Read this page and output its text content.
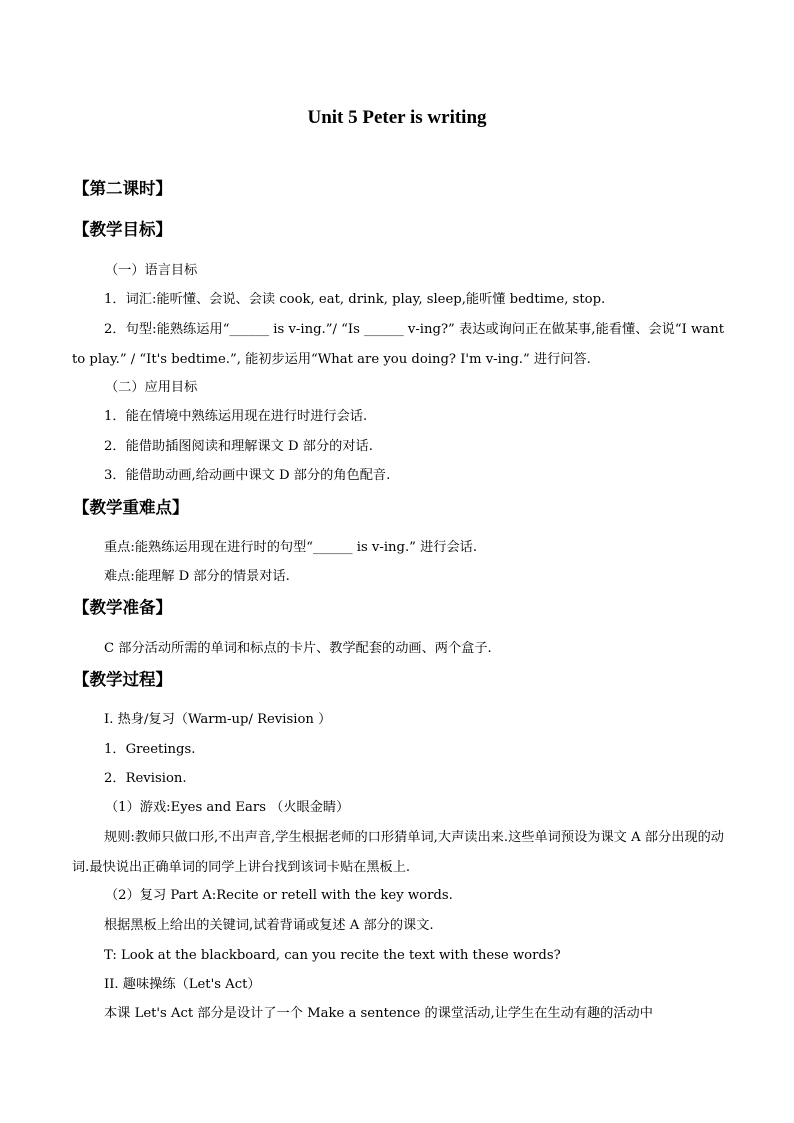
Unit 5 Peter is writing

【第二课时】

【教学目标】

（一）语言目标

1．词汇:能听懂、会说、会读 cook, eat, drink, play, sleep,能听懂 bedtime, stop.

2．句型:能熟练运用“______ is v-ing.”/ “Is ______ v-ing?” 表达或询问正在做某事,能看懂、会说“I want to play.” / “It's bedtime.”, 能初步运用“What are you doing? I'm v-ing.” 进行问答.

（二）应用目标

1．能在情境中熟练运用现在进行时进行会话.

2．能借助插图阅读和理解课文 D 部分的对话.

3．能借助动画,给动画中课文 D 部分的角色配音.

【教学重难点】

重点:能熟练运用现在进行时的句型“______ is v-ing.” 进行会话.

难点:能理解 D 部分的情景对话.

【教学准备】

C 部分活动所需的单词和标点的卡片、教学配套的动画、两个盒子.

【教学过程】

I. 热身/复习（Warm-up/ Revision ）

1．Greetings.

2．Revision.

（1）游戏:Eyes and Ears （火眼金睛）

规则:教师只做口形,不出声音,学生根据老师的口形猜单词,大声读出来.这些单词预设为课文 A 部分出现的动词.最快说出正确单词的同学上讲台找到该词卡贴在黑板上.

（2）复习 Part A:Recite or retell with the key words.

根据黑板上给出的关键词,试着背诵或复述 A 部分的课文.

T: Look at the blackboard, can you recite the text with these words?

II. 趣味操练（Let's Act）

本课 Let's Act 部分是设计了一个 Make a sentence 的课堂活动,让学生在生动有趣的活动中
